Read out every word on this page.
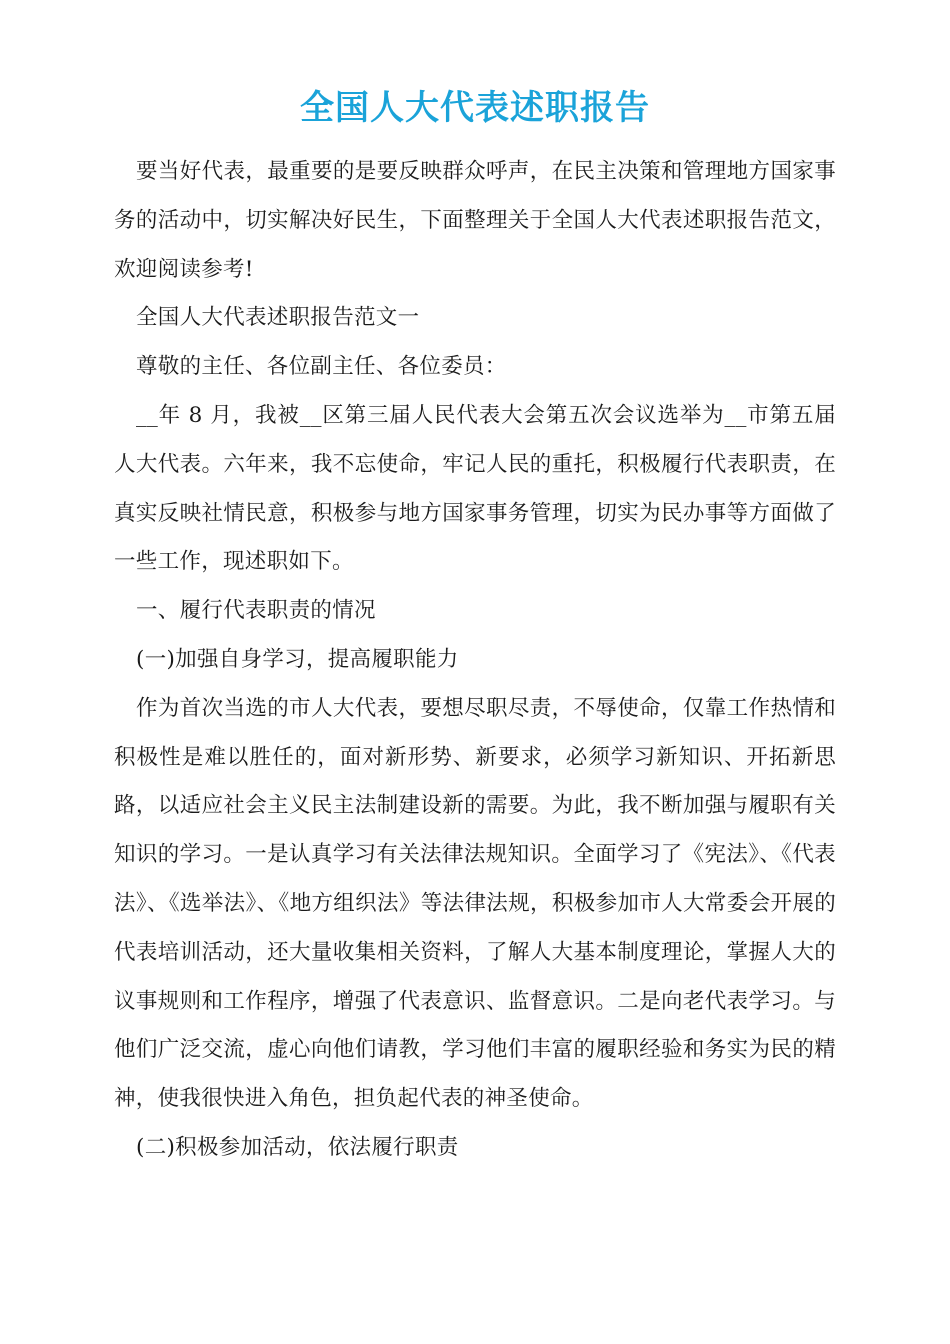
全国人大代表述职报告

要当好代表，最重要的是要反映群众呼声，在民主决策和管理地方国家事务的活动中，切实解决好民生，下面整理关于全国人大代表述职报告范文，欢迎阅读参考!

全国人大代表述职报告范文一

尊敬的主任、各位副主任、各位委员：

__年 8 月，我被__区第三届人民代表大会第五次会议选举为__市第五届人大代表。六年来，我不忘使命，牢记人民的重托，积极履行代表职责，在真实反映社情民意，积极参与地方国家事务管理，切实为民办事等方面做了一些工作，现述职如下。

一、履行代表职责的情况

(一)加强自身学习，提高履职能力

作为首次当选的市人大代表，要想尽职尽责，不辱使命，仅靠工作热情和积极性是难以胜任的，面对新形势、新要求，必须学习新知识、开拓新思路，以适应社会主义民主法制建设新的需要。为此，我不断加强与履职有关知识的学习。一是认真学习有关法律法规知识。全面学习了《宪法》、《代表法》、《选举法》、《地方组织法》等法律法规，积极参加市人大常委会开展的代表培训活动，还大量收集相关资料，了解人大基本制度理论，掌握人大的议事规则和工作程序，增强了代表意识、监督意识。二是向老代表学习。与他们广泛交流，虚心向他们请教，学习他们丰富的履职经验和务实为民的精神，使我很快进入角色，担负起代表的神圣使命。

(二)积极参加活动，依法履行职责
